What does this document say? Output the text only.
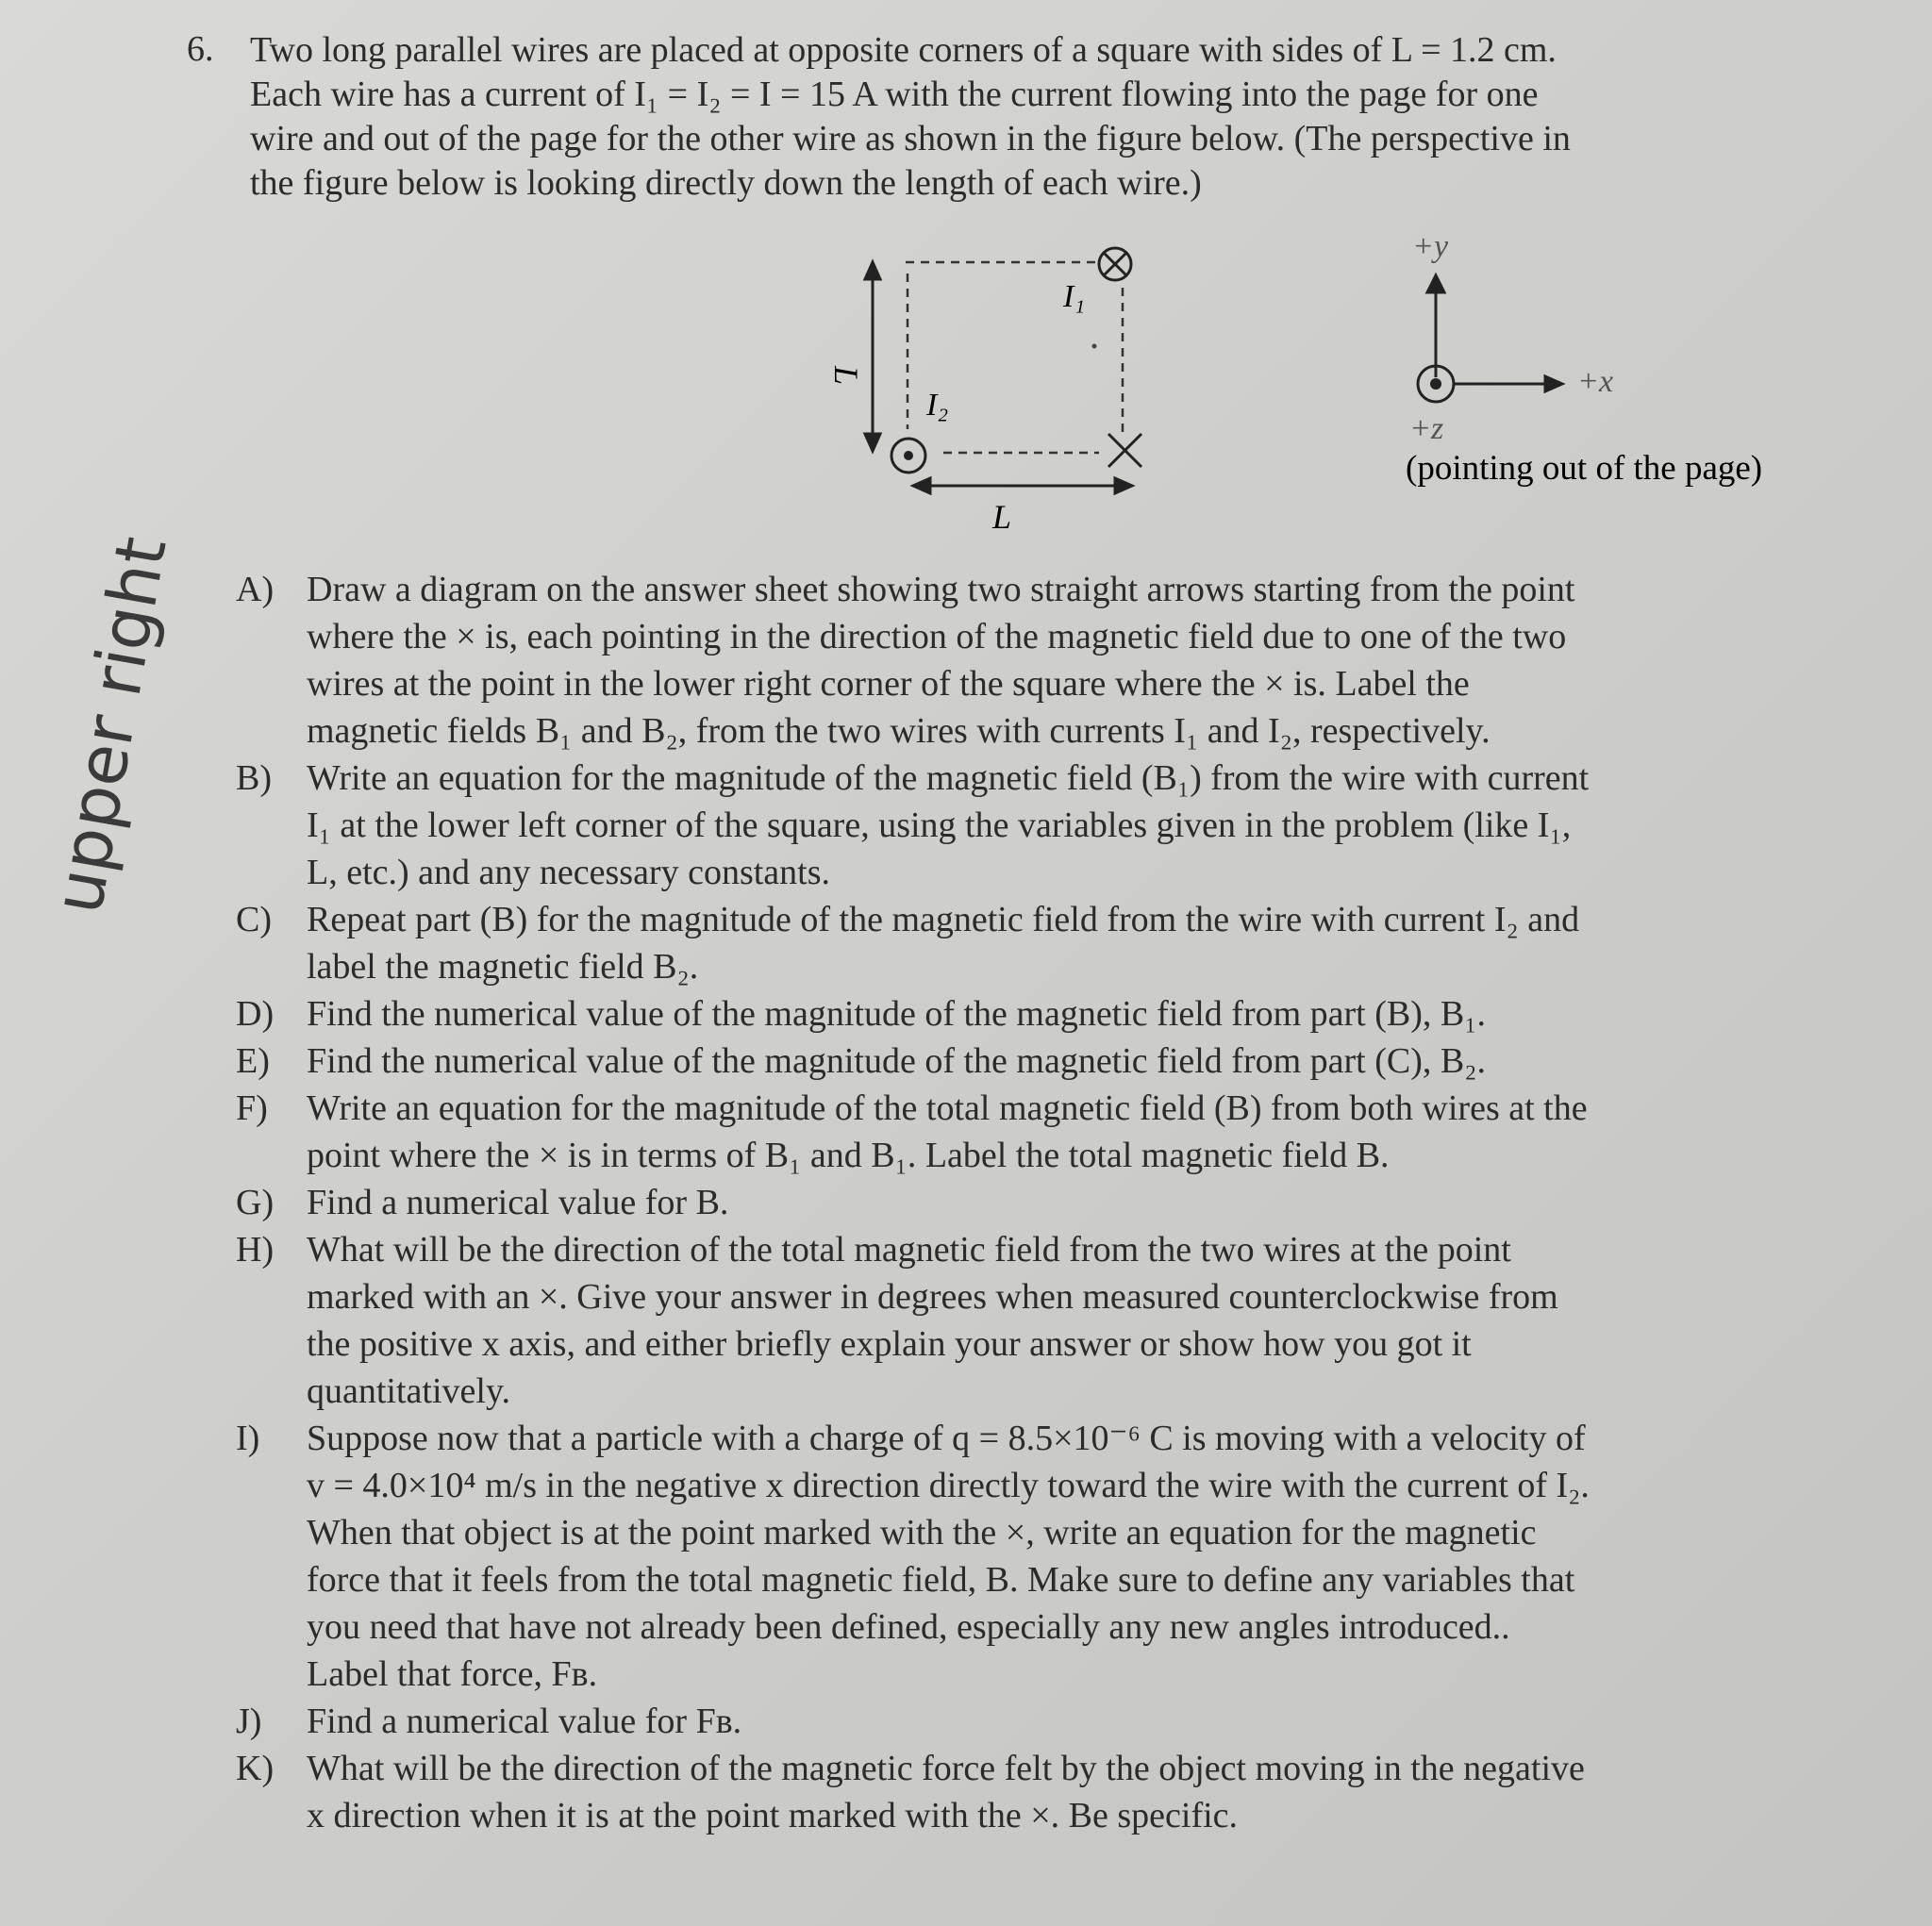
6. Two long parallel wires are placed at opposite corners of a square with sides of L = 1.2 cm.

Each wire has a current of I₁ = I₂ = I = 15 A with the current flowing into the page for one

wire and out of the page for the other wire as shown in the figure below. (The perspective in

the figure below is looking directly down the length of each wire.)

L
L
I₁
I₂
+y
+x
+z
(pointing out of the page)
A) Draw a diagram on the answer sheet showing two straight arrows starting from the point
where the × is, each pointing in the direction of the magnetic field due to one of the two
wires at the point in the lower right corner of the square where the × is. Label the
magnetic fields B₁ and B₂, from the two wires with currents I₁ and I₂, respectively.
B) Write an equation for the magnitude of the magnetic field (B₁) from the wire with current
I₁ at the lower left corner of the square, using the variables given in the problem (like I₁,
L, etc.) and any necessary constants.
C) Repeat part (B) for the magnitude of the magnetic field from the wire with current I₂ and
label the magnetic field B₂.
D) Find the numerical value of the magnitude of the magnetic field from part (B), B₁.
E)	Find the numerical value of the magnitude of the magnetic field from part (C), B₂.
F)	Write an equation for the magnitude of the total magnetic field (B) from both wires at the
point where the × is in terms of B₁ and B₁. Label the total magnetic field B.
G) Find a numerical value for B.
H) What will be the direction of the total magnetic field from the two wires at the point
marked with an ×. Give your answer in degrees when measured counterclockwise from
the positive x axis, and either briefly explain your answer or show how you got it
quantitatively.
I)	Suppose now that a particle with a charge of q = 8.5×10⁻⁶ C is moving with a velocity of
v = 4.0×10⁴ m/s in the negative x direction directly toward the wire with the current of I₂.
When that object is at the point marked with the ×, write an equation for the magnetic
force that it feels from the total magnetic field, B. Make sure to define any variables that
you need that have not already been defined, especially any new angles introduced..
Label that force, Fʙ.
J)	Find a numerical value for Fʙ.
K) What will be the direction of the magnetic force felt by the object moving in the negative
x direction when it is at the point marked with the ×. Be specific.
upper right
